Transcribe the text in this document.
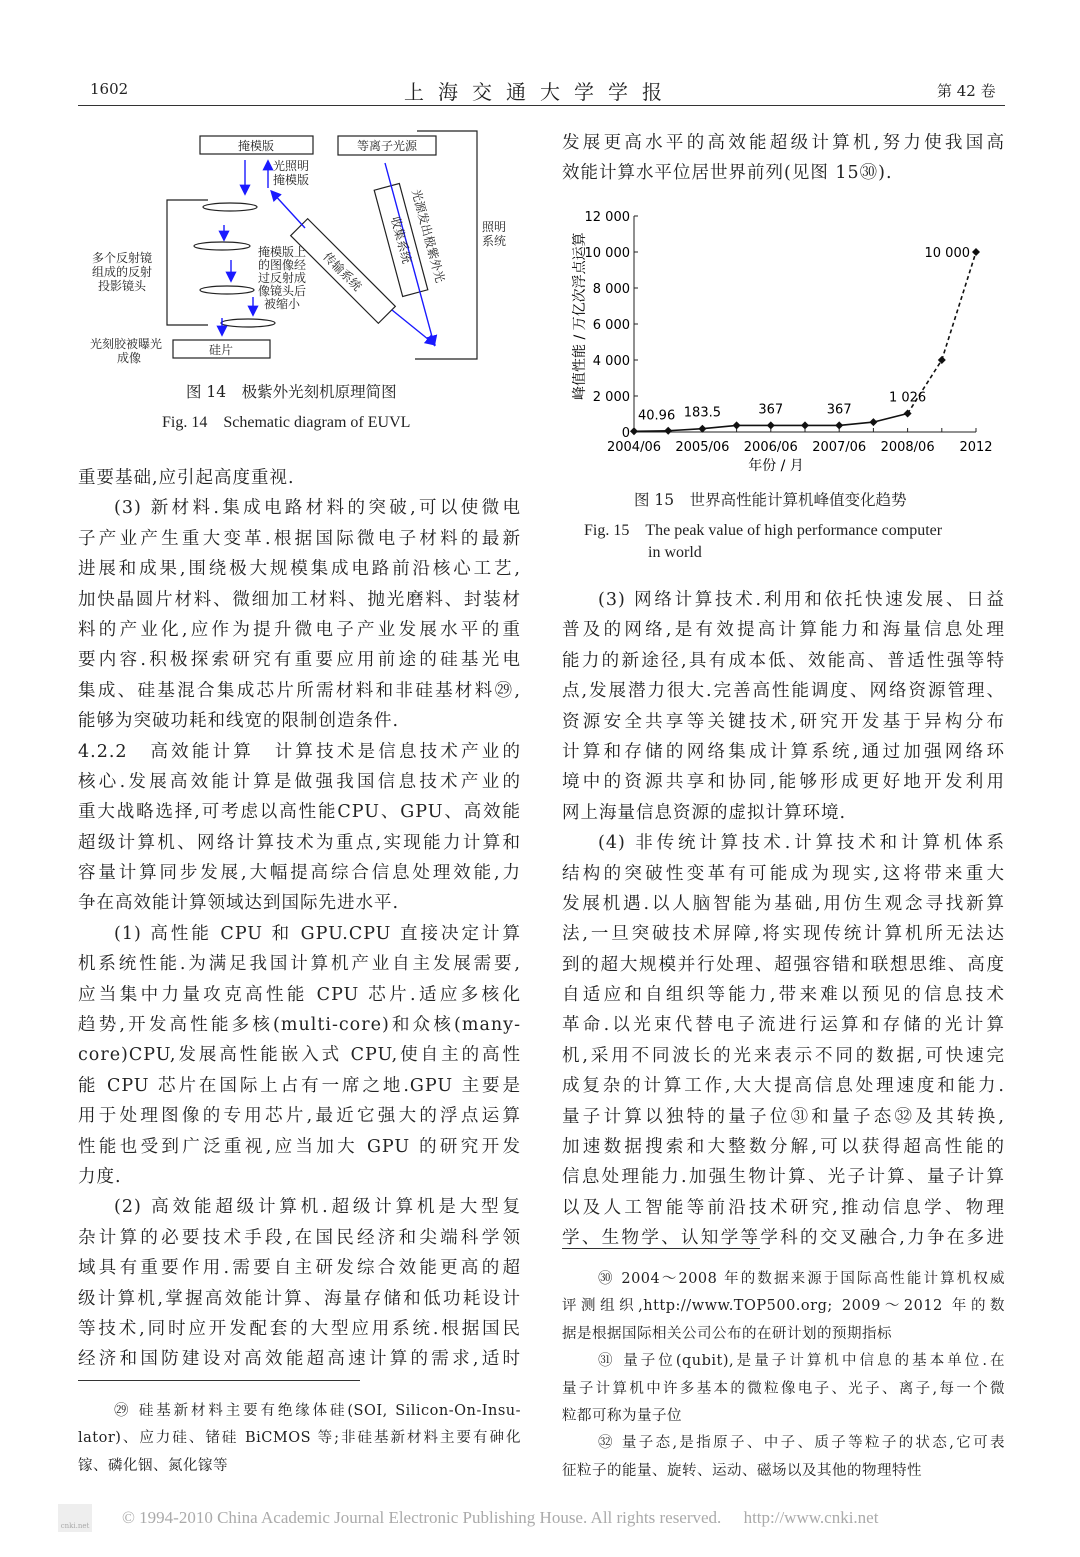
1602	上海交通大学学报	第 42 卷
掩模版	等离子光源
光照明
掩模版
照明
系统
多个反射镜
组成的反射
投影镜头
掩模版上
的图像经
过反射成
像镜头后
被缩小
传输系统
收集系统
光源发出极紫外光
硅片
光刻胶被曝光
成像
图 14　极紫外光刻机原理简图
Fig. 14　Schematic diagram of EUVL
重要基础,应引起高度重视.
(3) 新材料.集成电路材料的突破,可以使微电
子产业产生重大变革.根据国际微电子材料的最新
进展和成果,围绕极大规模集成电路前沿核心工艺,
加快晶圆片材料、微细加工材料、抛光磨料、封装材
料的产业化,应作为提升微电子产业发展水平的重
要内容.积极探索研究有重要应用前途的硅基光电
集成、硅基混合集成芯片所需材料和非硅基材料㉙,
能够为突破功耗和线宽的限制创造条件.
4.2.2　高效能计算　计算技术是信息技术产业的
核心.发展高效能计算是做强我国信息技术产业的
重大战略选择,可考虑以高性能CPU、GPU、高效能
超级计算机、网络计算技术为重点,实现能力计算和
容量计算同步发展,大幅提高综合信息处理效能,力
争在高效能计算领域达到国际先进水平.
(1) 高性能 CPU 和 GPU.CPU 直接决定计算
机系统性能.为满足我国计算机产业自主发展需要,
应当集中力量攻克高性能 CPU 芯片.适应多核化
趋势,开发高性能多核(multi-core)和众核(many-
core)CPU,发展高性能嵌入式 CPU,使自主的高性
能 CPU 芯片在国际上占有一席之地.GPU 主要是
用于处理图像的专用芯片,最近它强大的浮点运算
性能也受到广泛重视,应当加大 GPU 的研究开发
力度.
(2) 高效能超级计算机.超级计算机是大型复
杂计算的必要技术手段,在国民经济和尖端科学领
域具有重要作用.需要自主研发综合效能更高的超
级计算机,掌握高效能计算、海量存储和低功耗设计
等技术,同时应开发配套的大型应用系统.根据国民
经济和国防建设对高效能超高速计算的需求,适时
发展更高水平的高效能超级计算机,努力使我国高
效能计算水平位居世界前列(见图 15㉚).
峰值性能 / 万亿次浮点运算
年份 / 月
0
2 000
4 000
6 000
8 000
10 000
12 000
2004/06 2005/06 2006/06 2007/06 2008/06 2012
40.96 183.5	367	367
1 026
10 000
图 15　世界高性能计算机峰值变化趋势
Fig. 15　The peak value of high performance computer
in world
(3) 网络计算技术.利用和依托快速发展、日益
普及的网络,是有效提高计算能力和海量信息处理
能力的新途径,具有成本低、效能高、普适性强等特
点,发展潜力很大.完善高性能调度、网络资源管理、
资源安全共享等关键技术,研究开发基于异构分布
计算和存储的网络集成计算系统,通过加强网络环
境中的资源共享和协同,能够形成更好地开发利用
网上海量信息资源的虚拟计算环境.
(4) 非传统计算技术.计算技术和计算机体系
结构的突破性变革有可能成为现实,这将带来重大
发展机遇.以人脑智能为基础,用仿生观念寻找新算
法,一旦突破技术屏障,将实现传统计算机所无法达
到的超大规模并行处理、超强容错和联想思维、高度
自适应和自组织等能力,带来难以预见的信息技术
革命.以光束代替电子流进行运算和存储的光计算
机,采用不同波长的光来表示不同的数据,可快速完
成复杂的计算工作,大大提高信息处理速度和能力.
量子计算以独特的量子位㉛和量子态㉜及其转换,
加速数据搜索和大整数分解,可以获得超高性能的
信息处理能力.加强生物计算、光子计算、量子计算
以及人工智能等前沿技术研究,推动信息学、物理
学、生物学、认知学等学科的交叉融合,力争在多进
㉙ 硅基新材料主要有绝缘体硅(SOI, Silicon-On-Insu-
lator)、应力硅、锗硅 BiCMOS 等;非硅基新材料主要有砷化
镓、磷化铟、氮化镓等
㉚ 2004～2008 年的数据来源于国际高性能计算机权威
评测组织,http://www.TOP500.org; 2009～2012 年的数
据是根据国际相关公司公布的在研计划的预期指标
㉛ 量子位(qubit),是量子计算机中信息的基本单位.在
量子计算机中许多基本的微粒像电子、光子、离子,每一个微
粒都可称为量子位
㉜ 量子态,是指原子、中子、质子等粒子的状态,它可表
征粒子的能量、旋转、运动、磁场以及其他的物理特性
cnki.net © 1994-2010 China Academic Journal Electronic Publishing House. All rights reserved. http://www.cnki.net
